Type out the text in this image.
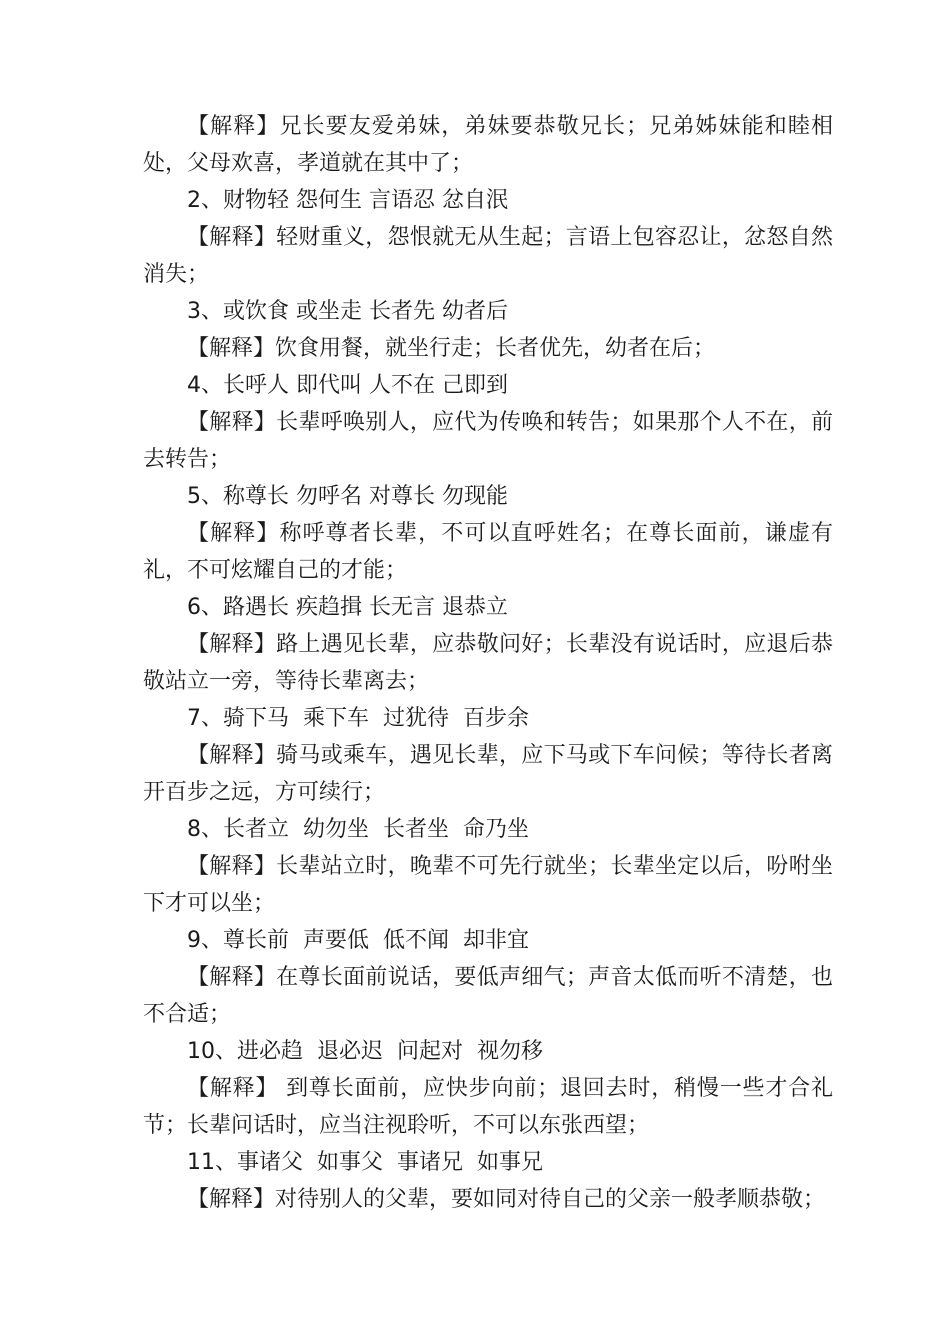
【解释】兄长要友爱弟妹，弟妹要恭敬兄长；兄弟姊妹能和睦相处，父母欢喜，孝道就在其中了；

2、财物轻 怨何生 言语忍 忿自泯

【解释】轻财重义，怨恨就无从生起；言语上包容忍让，忿怒自然消失；

3、或饮食 或坐走 长者先 幼者后

【解释】饮食用餐，就坐行走；长者优先，幼者在后；

4、长呼人 即代叫 人不在 己即到

【解释】长辈呼唤别人，应代为传唤和转告；如果那个人不在，前去转告；

5、称尊长 勿呼名 对尊长 勿现能

【解释】称呼尊者长辈，不可以直呼姓名；在尊长面前，谦虚有礼，不可炫耀自己的才能；

6、路遇长 疾趋揖 长无言 退恭立

【解释】路上遇见长辈，应恭敬问好；长辈没有说话时，应退后恭敬站立一旁，等待长辈离去；

7、骑下马  乘下车  过犹待  百步余

【解释】骑马或乘车，遇见长辈，应下马或下车问候；等待长者离开百步之远，方可续行；

8、长者立  幼勿坐  长者坐  命乃坐

【解释】长辈站立时，晚辈不可先行就坐；长辈坐定以后，吩咐坐下才可以坐；

9、尊长前  声要低  低不闻  却非宜

【解释】在尊长面前说话，要低声细气；声音太低而听不清楚，也不合适；

10、进必趋  退必迟  问起对  视勿移

【解释】 到尊长面前，应快步向前；退回去时，稍慢一些才合礼节；长辈问话时，应当注视聆听，不可以东张西望；

11、事诸父  如事父  事诸兄  如事兄

【解释】对待别人的父辈，要如同对待自己的父亲一般孝顺恭敬；
